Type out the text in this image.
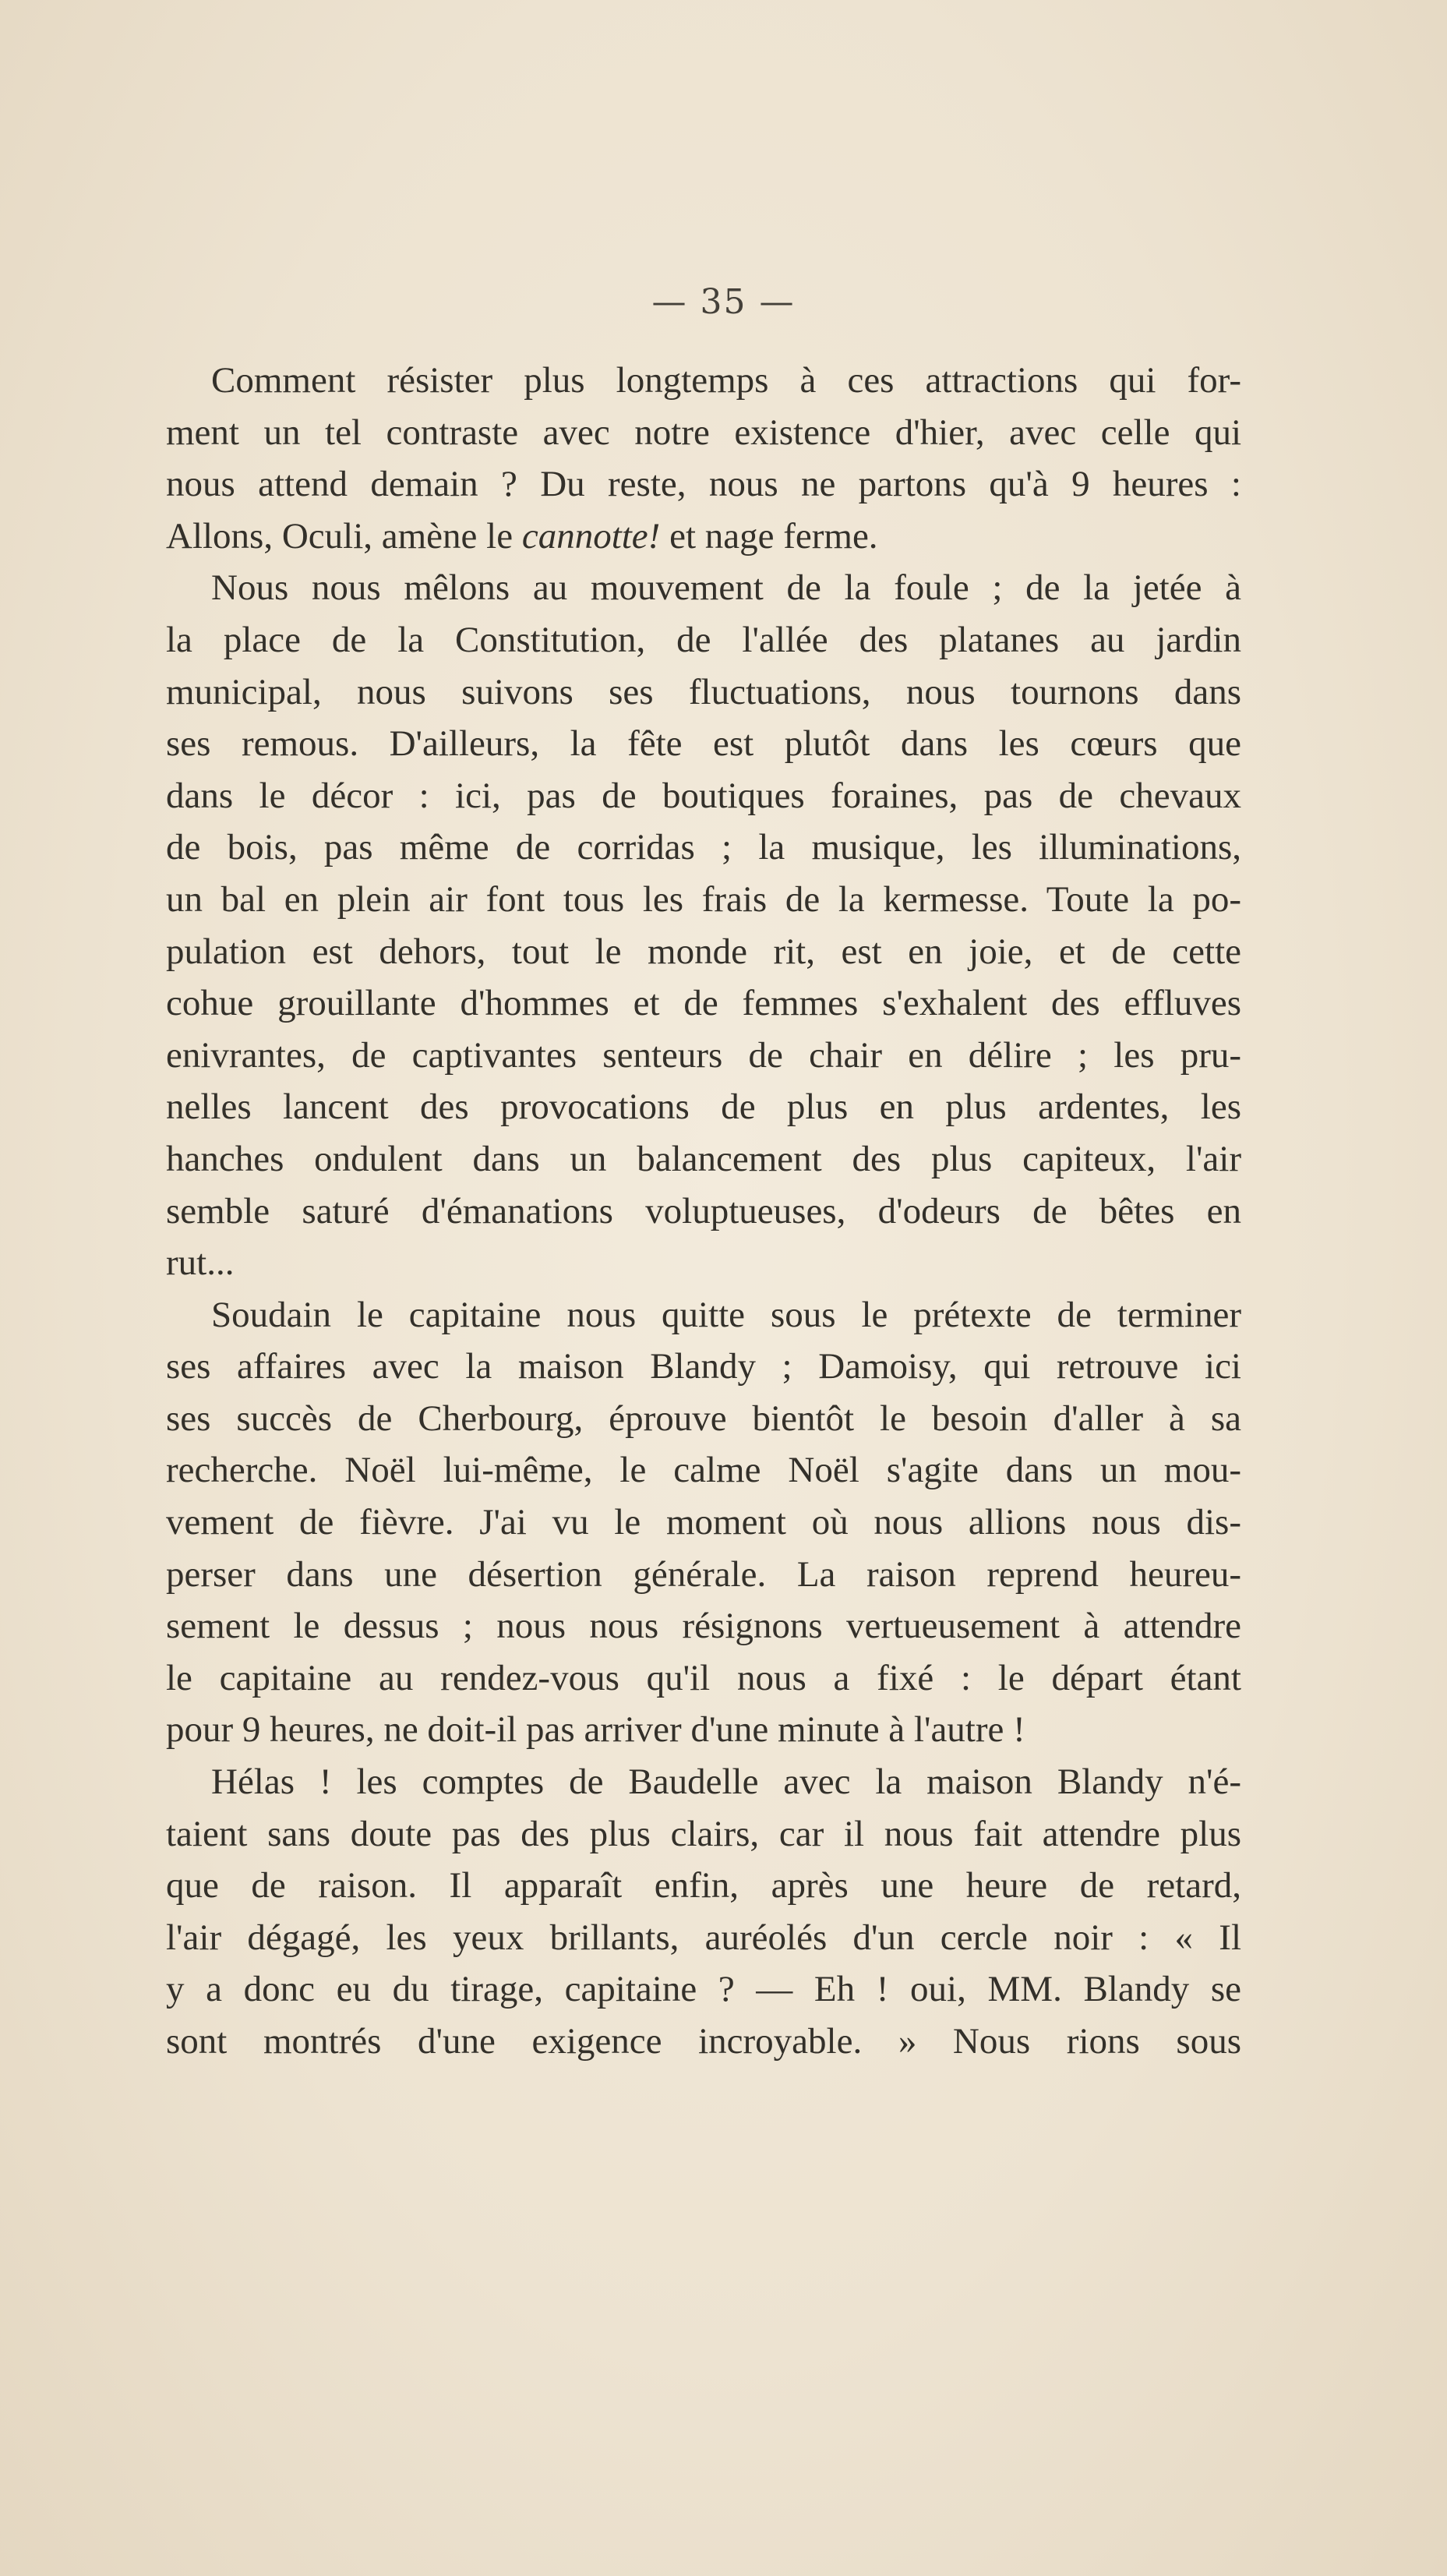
— 35 —

Comment résister plus longtemps à ces attractions qui for-
ment un tel contraste avec notre existence d'hier, avec celle qui
nous attend demain ? Du reste, nous ne partons qu'à 9 heures :
Allons, Oculi, amène le cannotte! et nage ferme.

Nous nous mêlons au mouvement de la foule ; de la jetée à
la place de la Constitution, de l'allée des platanes au jardin
municipal, nous suivons ses fluctuations, nous tournons dans
ses remous. D'ailleurs, la fête est plutôt dans les cœurs que
dans le décor : ici, pas de boutiques foraines, pas de chevaux
de bois, pas même de corridas ; la musique, les illuminations,
un bal en plein air font tous les frais de la kermesse. Toute la po-
pulation est dehors, tout le monde rit, est en joie, et de cette
cohue grouillante d'hommes et de femmes s'exhalent des effluves
enivrantes, de captivantes senteurs de chair en délire ; les pru-
nelles lancent des provocations de plus en plus ardentes, les
hanches ondulent dans un balancement des plus capiteux, l'air
semble saturé d'émanations voluptueuses, d'odeurs de bêtes en
rut...

Soudain le capitaine nous quitte sous le prétexte de terminer
ses affaires avec la maison Blandy ; Damoisy, qui retrouve ici
ses succès de Cherbourg, éprouve bientôt le besoin d'aller à sa
recherche. Noël lui-même, le calme Noël s'agite dans un mou-
vement de fièvre. J'ai vu le moment où nous allions nous dis-
perser dans une désertion générale. La raison reprend heureu-
sement le dessus ; nous nous résignons vertueusement à attendre
le capitaine au rendez-vous qu'il nous a fixé : le départ étant
pour 9 heures, ne doit-il pas arriver d'une minute à l'autre !

Hélas ! les comptes de Baudelle avec la maison Blandy n'é-
taient sans doute pas des plus clairs, car il nous fait attendre plus
que de raison. Il apparaît enfin, après une heure de retard,
l'air dégagé, les yeux brillants, auréolés d'un cercle noir : « Il
y a donc eu du tirage, capitaine ? — Eh ! oui, MM. Blandy se
sont montrés d'une exigence incroyable. » Nous rions sous
